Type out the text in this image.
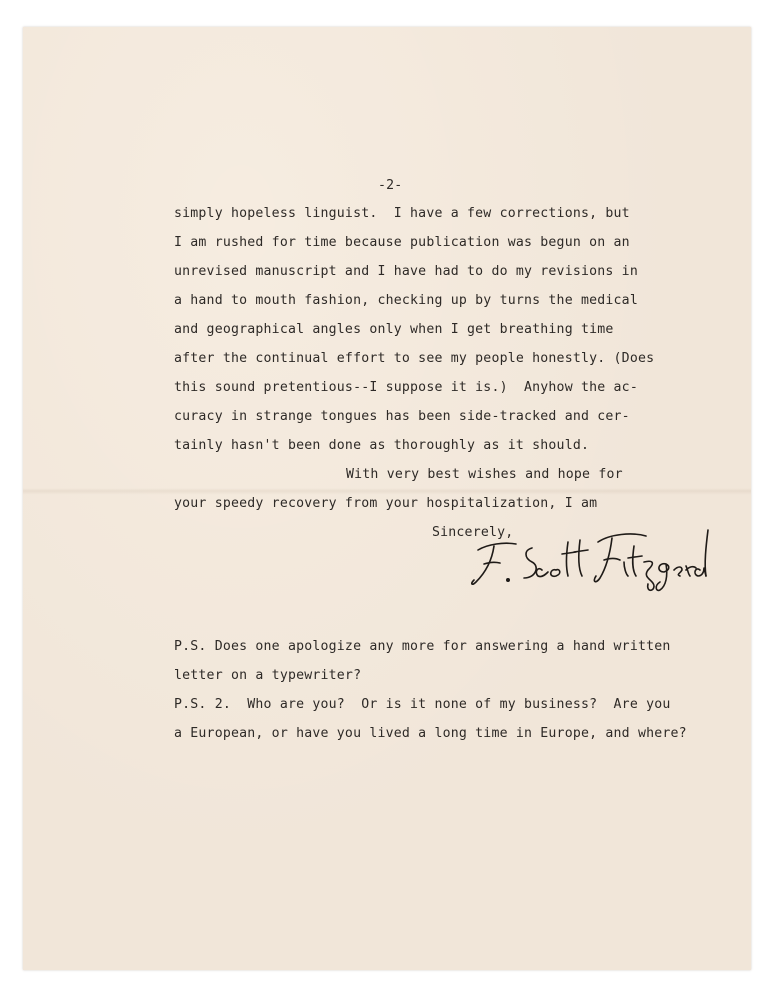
-2-
simply hopeless linguist.  I have a few corrections, but
I am rushed for time because publication was begun on an
unrevised manuscript and I have had to do my revisions in
a hand to mouth fashion, checking up by turns the medical
and geographical angles only when I get breathing time
after the continual effort to see my people honestly. (Does
this sound pretentious--I suppose it is.)  Anyhow the ac-
curacy in strange tongues has been side-tracked and cer-
tainly hasn't been done as thoroughly as it should.
With very best wishes and hope for
your speedy recovery from your hospitalization, I am
Sincerely,
P.S. Does one apologize any more for answering a hand written
letter on a typewriter?
P.S. 2.  Who are you?  Or is it none of my business?  Are you
a European, or have you lived a long time in Europe, and where?
